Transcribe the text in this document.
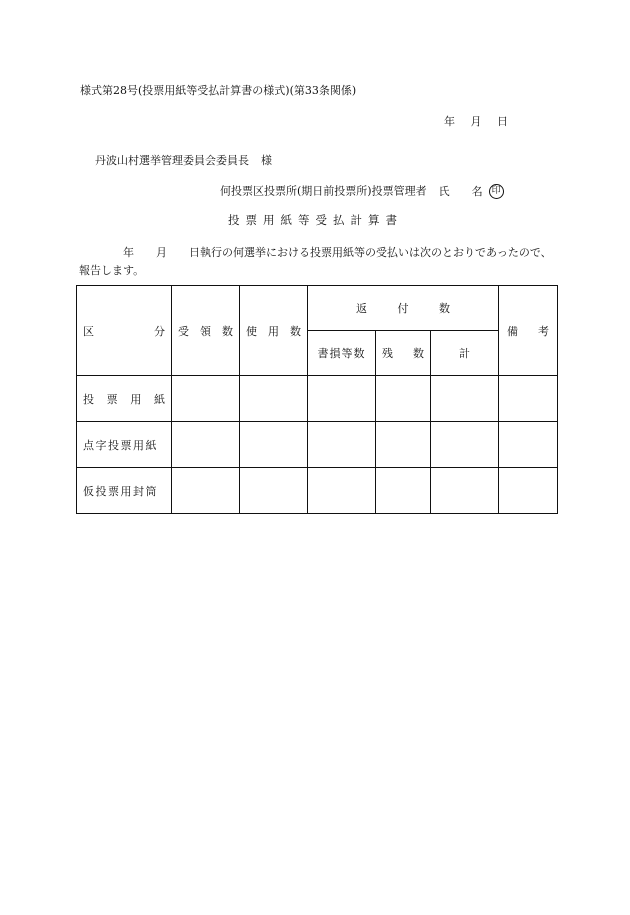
様式第28号(投票用紙等受払計算書の様式)(第33条関係)
年 月 日
丹波山村選挙管理委員会委員長 様
何投票区投票所(期日前投票所)投票管理者 氏　　名 印
投票用紙等受払計算書
年 月 日執行の何選挙における投票用紙等の受払いは次のとおりであったので、報告します。
区 分	受 領 数	使 用 数	返 付 数			備 考

			書損等数	残 数	計

投 票 用 紙						

点字投票用紙						

仮投票用封筒						
